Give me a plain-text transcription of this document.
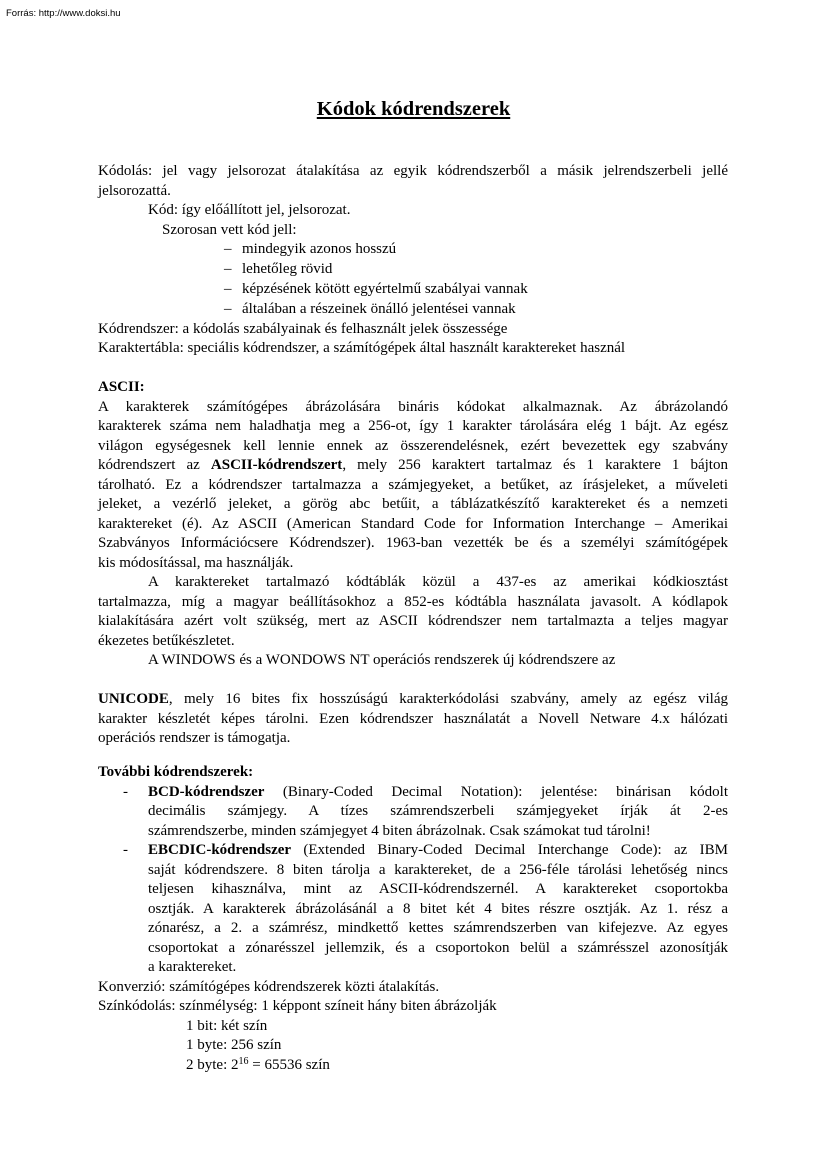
Forrás: http://www.doksi.hu
Kódok kódrendszerek
Kódolás: jel vagy jelsorozat átalakítása az egyik kódrendszerből a másik jelrendszerbeli jellé
jelsorozattá.
Kód: így előállított jel, jelsorozat.
Szorosan vett kód jell:
– mindegyik azonos hosszú
– lehetőleg rövid
– képzésének kötött egyértelmű szabályai vannak
– általában a részeinek önálló jelentései vannak
Kódrendszer: a kódolás szabályainak és felhasznált jelek összessége
Karaktertábla: speciális kódrendszer, a számítógépek által használt karaktereket használ
ASCII:
A karakterek számítógépes ábrázolására bináris kódokat alkalmaznak. Az ábrázolandó
karakterek száma nem haladhatja meg a 256-ot, így 1 karakter tárolására elég 1 bájt. Az egész
világon egységesnek kell lennie ennek az összerendelésnek, ezért bevezettek egy szabvány
kódrendszert az ASCII-kódrendszert, mely 256 karaktert tartalmaz és 1 karaktere 1 bájton
tárolható. Ez a kódrendszer tartalmazza a számjegyeket, a betűket, az írásjeleket, a műveleti
jeleket, a vezérlő jeleket, a görög abc betűit, a táblázatkészítő karaktereket és a nemzeti
karaktereket (é). Az ASCII (American Standard Code for Information Interchange – Amerikai
Szabványos Információcsere Kódrendszer). 1963-ban vezették be és a személyi számítógépek
kis módosítással, ma használják.
A karaktereket tartalmazó kódtáblák közül a 437-es az amerikai kódkiosztást
tartalmazza, míg a magyar beállításokhoz a 852-es kódtábla használata javasolt. A kódlapok
kialakítására azért volt szükség, mert az ASCII kódrendszer nem tartalmazta a teljes magyar
ékezetes betűkészletet.
A WINDOWS és a WONDOWS NT operációs rendszerek új kódrendszere az
UNICODE, mely 16 bites fix hosszúságú karakterkódolási szabvány, amely az egész világ
karakter készletét képes tárolni. Ezen kódrendszer használatát a Novell Netware 4.x hálózati
operációs rendszer is támogatja.
További kódrendszerek:
- BCD-kódrendszer (Binary-Coded Decimal Notation): jelentése: binárisan kódolt
decimális számjegy. A tízes számrendszerbeli számjegyeket írják át 2-es
számrendszerbe, minden számjegyet 4 biten ábrázolnak. Csak számokat tud tárolni!
- EBCDIC-kódrendszer (Extended Binary-Coded Decimal Interchange Code): az IBM
saját kódrendszere. 8 biten tárolja a karaktereket, de a 256-féle tárolási lehetőség nincs
teljesen kihasználva, mint az ASCII-kódrendszernél. A karaktereket csoportokba
osztják. A karakterek ábrázolásánál a 8 bitet két 4 bites részre osztják. Az 1. rész a
zónarész, a 2. a számrész, mindkettő kettes számrendszerben van kifejezve. Az egyes
csoportokat a zónarésszel jellemzik, és a csoportokon belül a számrésszel azonosítják
a karaktereket.
Konverzió: számítógépes kódrendszerek közti átalakítás.
Színkódolás: színmélység: 1 képpont színeit hány biten ábrázolják
1 bit: két szín
1 byte: 256 szín
2 byte: $2^{16} = 65536$ szín
